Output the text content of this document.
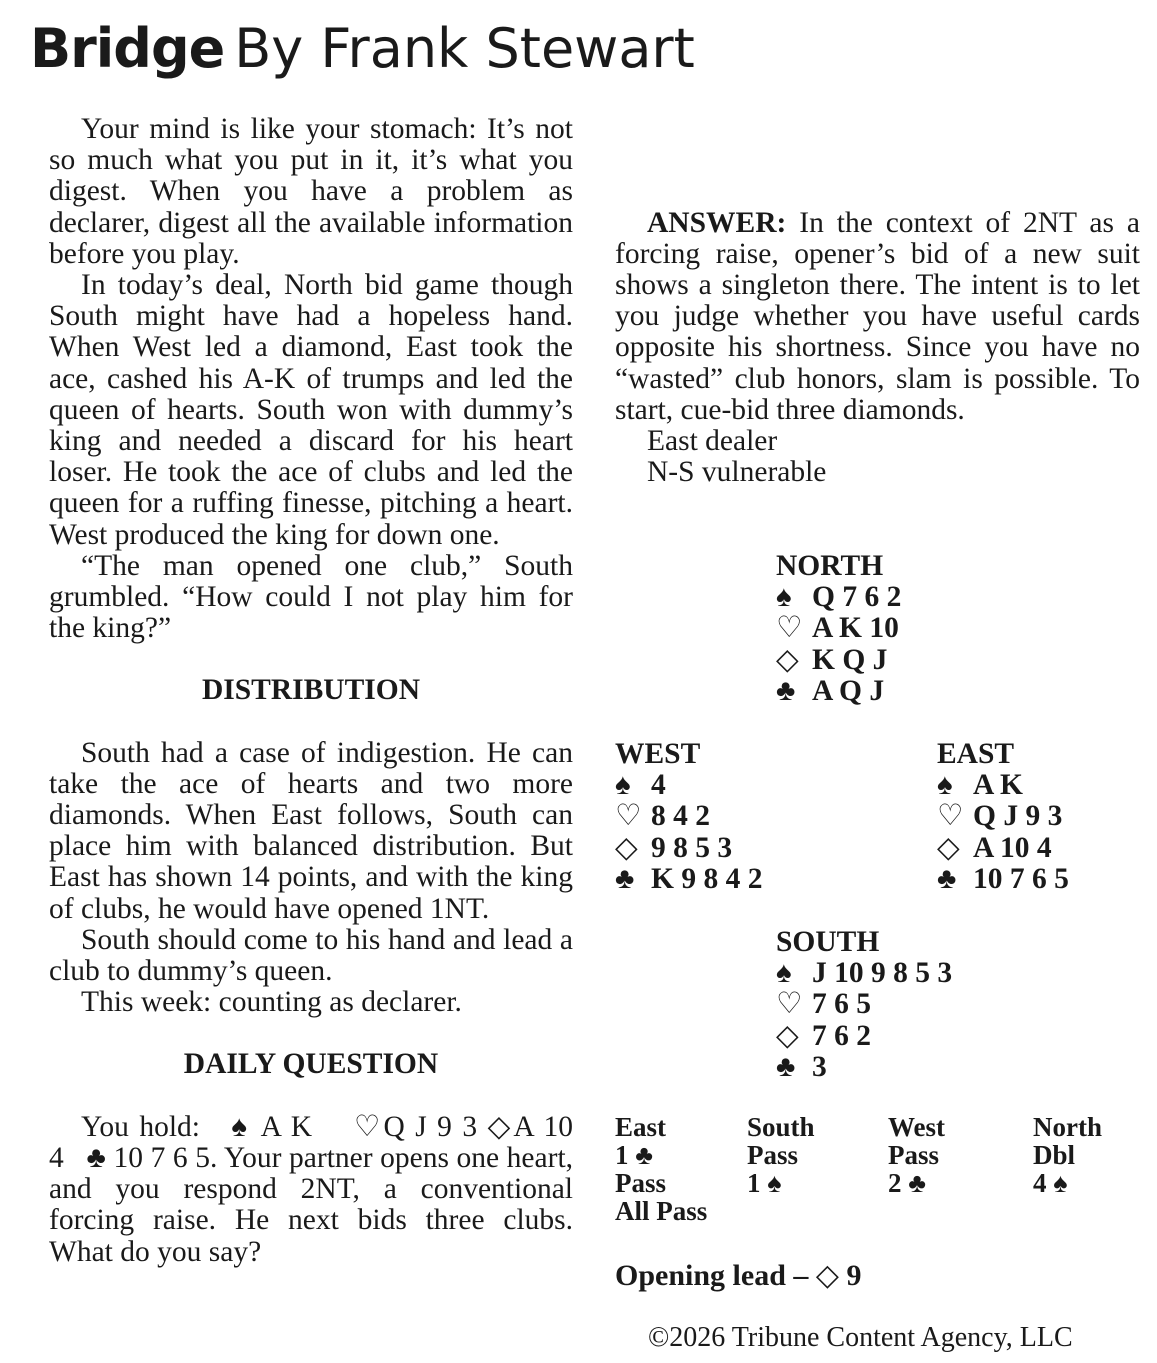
Bridge By Frank Stewart

Your mind is like your stomach: It’s not so much what you put in it, it’s what you digest. When you have a problem as declarer, digest all the available information before you play.

In today’s deal, North bid game though South might have had a hopeless hand. When West led a diamond, East took the ace, cashed his A-K of trumps and led the queen of hearts. South won with dummy’s king and needed a discard for his heart loser. He took the ace of clubs and led the queen for a ruffing finesse, pitching a heart. West produced the king for down one.

“The man opened one club,” South grumbled. “How could I not play him for the king?”

DISTRIBUTION

South had a case of indigestion. He can take the ace of hearts and two more diamonds. When East follows, South can place him with balanced distribution. But East has shown 14 points, and with the king of clubs, he would have opened 1NT.

South should come to his hand and lead a club to dummy’s queen.

This week: counting as declarer.

DAILY QUESTION

You hold: ♠ A K ♡Q J 9 3 ◇A 10 4 ♣ 10 7 6 5. Your partner opens one heart, and you respond 2NT, a conventional forcing raise. He next bids three clubs. What do you say?

ANSWER: In the context of 2NT as a forcing raise, opener’s bid of a new suit shows a singleton there. The intent is to let you judge whether you have useful cards opposite his shortness. Since you have no “wasted” club honors, slam is possible. To start, cue-bid three diamonds.

East dealer

N-S vulnerable

NORTH
♠ Q 7 6 2
♡ A K 10
◇ K Q J
♣ A Q J
WEST
♠ 4
♡ 8 4 2
◇ 9 8 5 3
♣ K 9 8 4 2
EAST
♠ A K
♡ Q J 9 3
◇ A 10 4
♣ 10 7 6 5
SOUTH
♠ J 10 9 8 5 3
♡ 7 6 5
◇ 7 6 2
♣ 3
East	South	West	North
1 ♣	Pass	Pass	Dbl
Pass	1 ♠	2 ♣	4 ♠
All Pass			
Opening lead – ◇ 9
©2026 Tribune Content Agency, LLC
